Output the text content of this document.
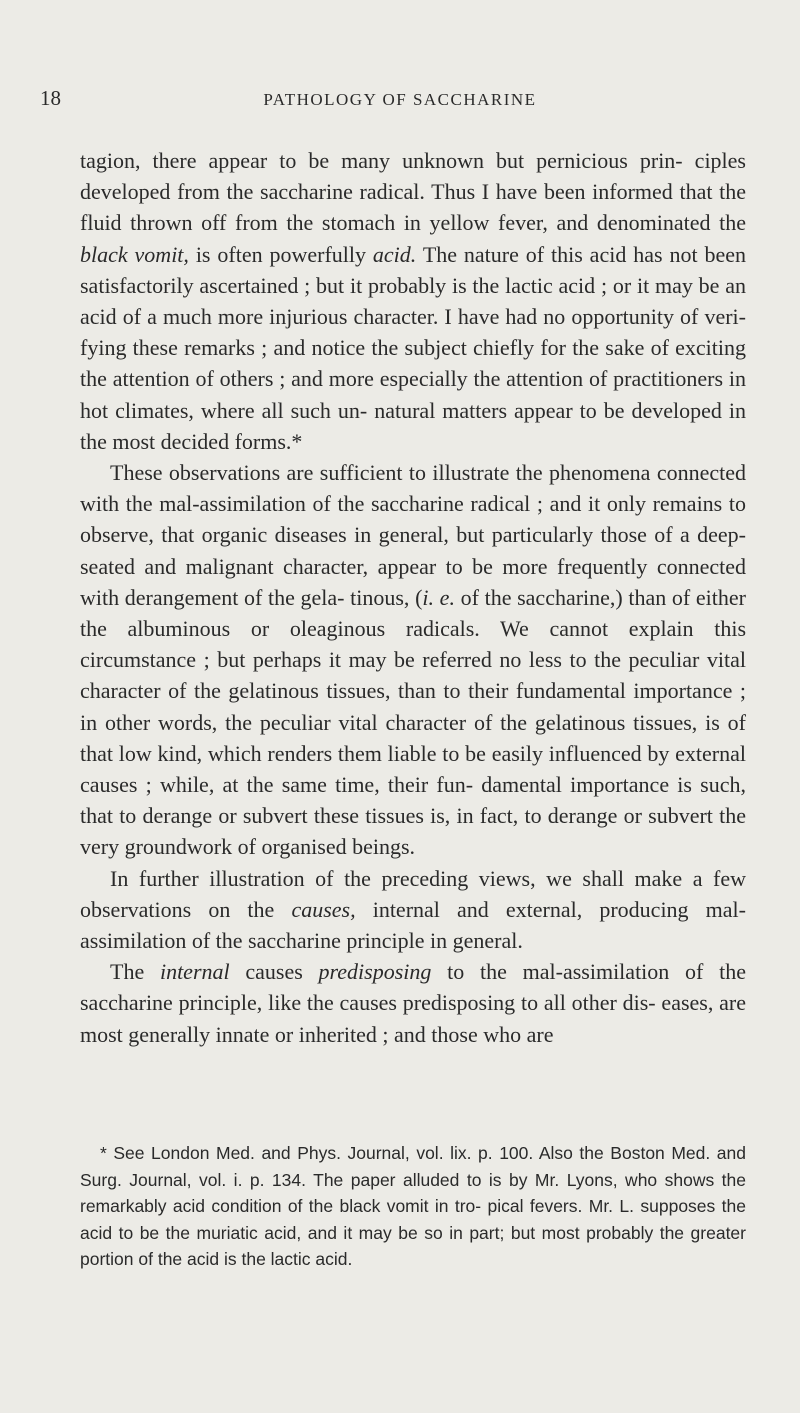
18	PATHOLOGY OF SACCHARINE

tagion, there appear to be many unknown but pernicious prin- ciples developed from the saccharine radical. Thus I have been informed that the fluid thrown off from the stomach in yellow fever, and denominated the black vomit, is often powerfully acid. The nature of this acid has not been satisfactorily ascertained ; but it probably is the lactic acid ; or it may be an acid of a much more injurious character. I have had no opportunity of veri- fying these remarks ; and notice the subject chiefly for the sake of exciting the attention of others ; and more especially the attention of practitioners in hot climates, where all such un- natural matters appear to be developed in the most decided forms.*

These observations are sufficient to illustrate the phenomena connected with the mal-assimilation of the saccharine radical ; and it only remains to observe, that organic diseases in general, but particularly those of a deep-seated and malignant character, appear to be more frequently connected with derangement of the gela- tinous, (i. e. of the saccharine,) than of either the albuminous or oleaginous radicals. We cannot explain this circumstance ; but perhaps it may be referred no less to the peculiar vital character of the gelatinous tissues, than to their fundamental importance ; in other words, the peculiar vital character of the gelatinous tissues, is of that low kind, which renders them liable to be easily influenced by external causes ; while, at the same time, their fun- damental importance is such, that to derange or subvert these tissues is, in fact, to derange or subvert the very groundwork of organised beings.

In further illustration of the preceding views, we shall make a few observations on the causes, internal and external, producing mal-assimilation of the saccharine principle in general.

The internal causes predisposing to the mal-assimilation of the saccharine principle, like the causes predisposing to all other dis- eases, are most generally innate or inherited ; and those who are

* See London Med. and Phys. Journal, vol. lix. p. 100. Also the Boston Med. and Surg. Journal, vol. i. p. 134. The paper alluded to is by Mr. Lyons, who shows the remarkably acid condition of the black vomit in tro- pical fevers. Mr. L. supposes the acid to be the muriatic acid, and it may be so in part; but most probably the greater portion of the acid is the lactic acid.
